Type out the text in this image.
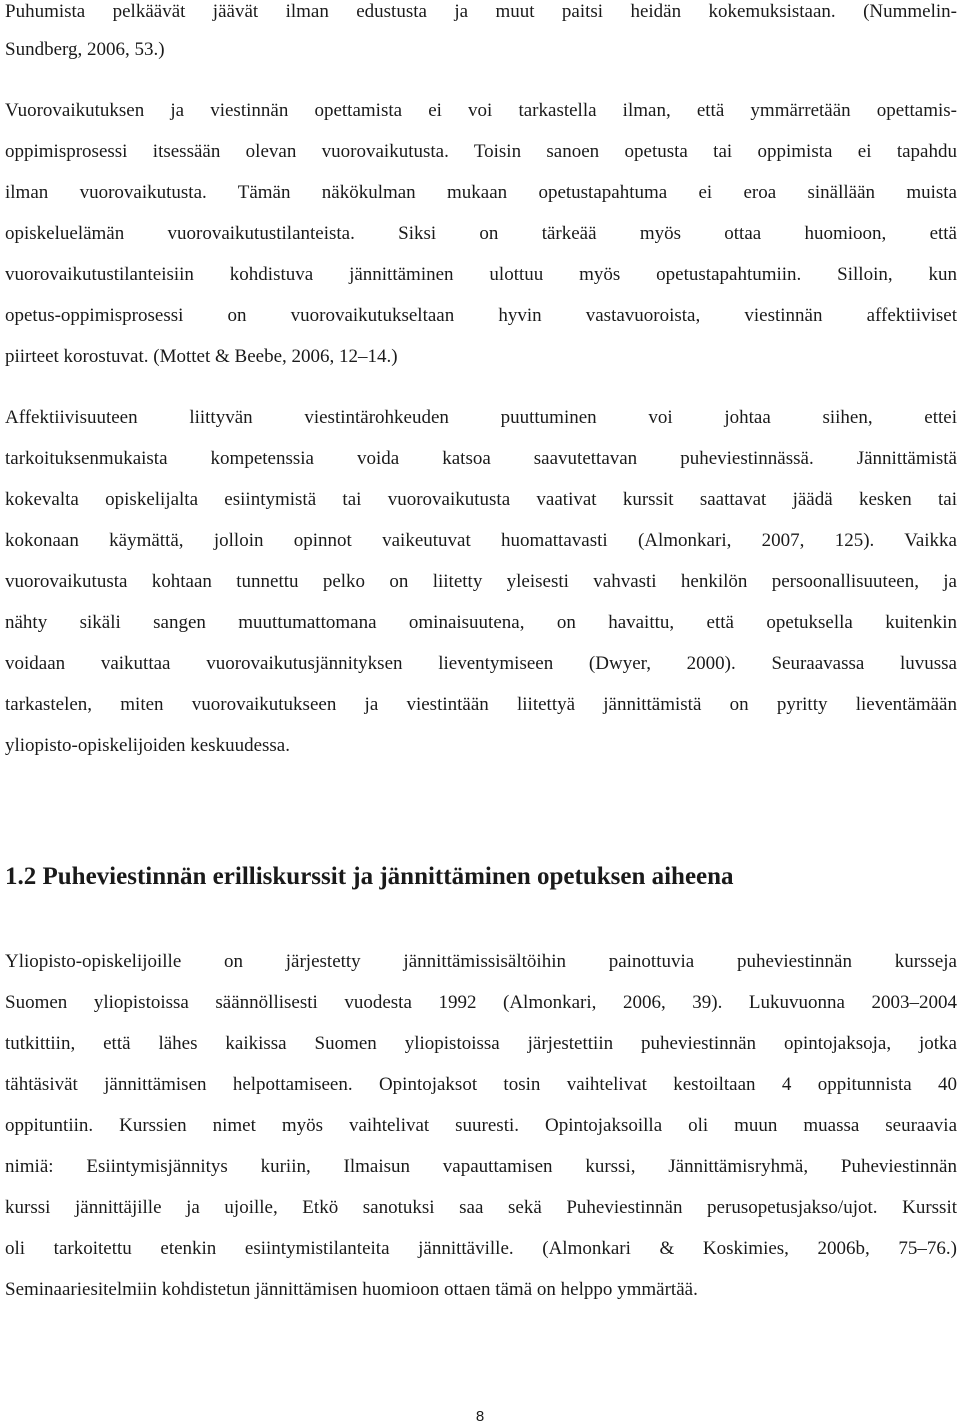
Puhumista pelkäävät jäävät ilman edustusta ja muut paitsi heidän kokemuksistaan. (Nummelin-
Sundberg, 2006, 53.)
Vuorovaikutuksen ja viestinnän opettamista ei voi tarkastella ilman, että ymmärretään opettamis-
oppimisprosessi itsessään olevan vuorovaikutusta. Toisin sanoen opetusta tai oppimista ei tapahdu
ilman vuorovaikutusta. Tämän näkökulman mukaan opetustapahtuma ei eroa sinällään muista
opiskeluelämän vuorovaikutustilanteista. Siksi on tärkeää myös ottaa huomioon, että
vuorovaikutustilanteisiin kohdistuva jännittäminen ulottuu myös opetustapahtumiin. Silloin, kun
opetus-oppimisprosessi on vuorovaikutukseltaan hyvin vastavuoroista, viestinnän affektiiviset
piirteet korostuvat. (Mottet & Beebe, 2006, 12–14.)
Affektiivisuuteen liittyvän viestintärohkeuden puuttuminen voi johtaa siihen, ettei
tarkoituksenmukaista kompetenssia voida katsoa saavutettavan puheviestinnässä. Jännittämistä
kokevalta opiskelijalta esiintymistä tai vuorovaikutusta vaativat kurssit saattavat jäädä kesken tai
kokonaan käymättä, jolloin opinnot vaikeutuvat huomattavasti (Almonkari, 2007, 125). Vaikka
vuorovaikutusta kohtaan tunnettu pelko on liitetty yleisesti vahvasti henkilön persoonallisuuteen, ja
nähty sikäli sangen muuttumattomana ominaisuutena, on havaittu, että opetuksella kuitenkin
voidaan vaikuttaa vuorovaikutusjännityksen lieventymiseen (Dwyer, 2000). Seuraavassa luvussa
tarkastelen, miten vuorovaikutukseen ja viestintään liitettyä jännittämistä on pyritty lieventämään
yliopisto-opiskelijoiden keskuudessa.
1.2 Puheviestinnän erilliskurssit ja jännittäminen opetuksen aiheena
Yliopisto-opiskelijoille on järjestetty jännittämissisältöihin painottuvia puheviestinnän kursseja
Suomen yliopistoissa säännöllisesti vuodesta 1992 (Almonkari, 2006, 39). Lukuvuonna 2003–2004
tutkittiin, että lähes kaikissa Suomen yliopistoissa järjestettiin puheviestinnän opintojaksoja, jotka
tähtäsivät jännittämisen helpottamiseen. Opintojaksot tosin vaihtelivat kestoiltaan 4 oppitunnista 40
oppituntiin. Kurssien nimet myös vaihtelivat suuresti. Opintojaksoilla oli muun muassa seuraavia
nimiä: Esiintymisjännitys kuriin, Ilmaisun vapauttamisen kurssi, Jännittämisryhmä, Puheviestinnän
kurssi jännittäjille ja ujoille, Etkö sanotuksi saa sekä Puheviestinnän perusopetusjakso/ujot. Kurssit
oli tarkoitettu etenkin esiintymistilanteita jännittäville. (Almonkari & Koskimies, 2006b, 75–76.)
Seminaariesitelmiin kohdistetun jännittämisen huomioon ottaen tämä on helppo ymmärtää.
8
